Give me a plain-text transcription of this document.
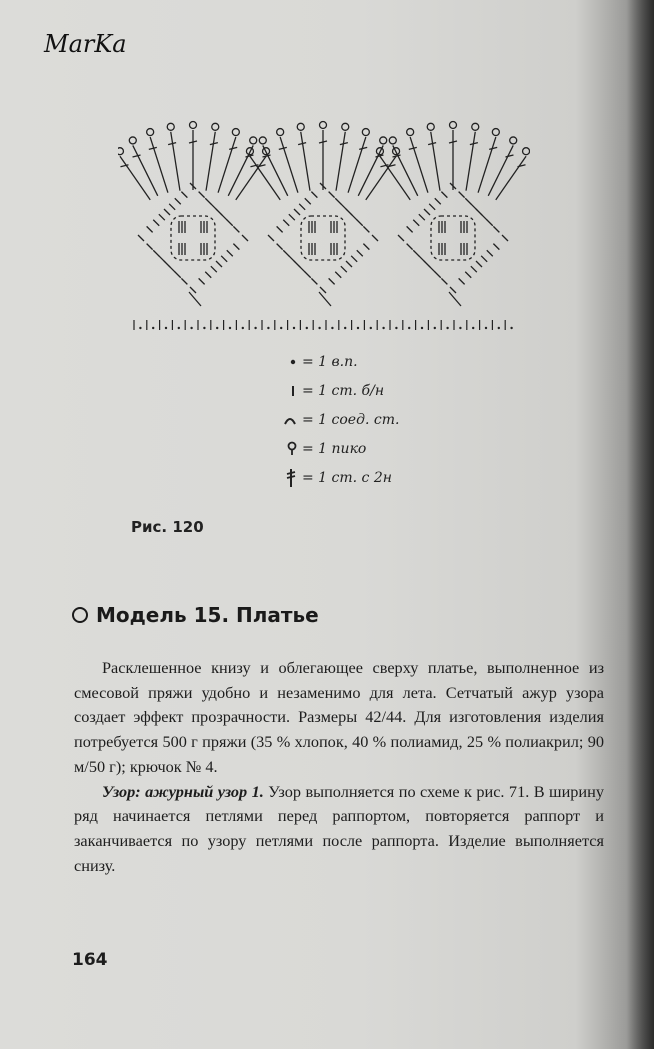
MarKa
= 1 в.п.
= 1 ст. б/н
= 1 соед. ст.
= 1 пико
= 1 ст. с 2н
Рис. 120
Модель 15. Платье

Расклешенное книзу и облегающее сверху платье, выполненное из смесовой пряжи удобно и незаменимо для лета. Сетчатый ажур узора создает эффект прозрачности. Размеры 42/44. Для изготовления изделия потребуется 500 г пряжи (35 % хлопок, 40 % полиамид, 25 % полиакрил; 90 м/50 г); крючок № 4.

Узор: ажурный узор 1. Узор выполняется по схеме к рис. 71. В ширину ряд начинается петлями перед раппортом, повторяется раппорт и заканчивается по узору петлями после раппорта. Изделие выполняется снизу.

164
